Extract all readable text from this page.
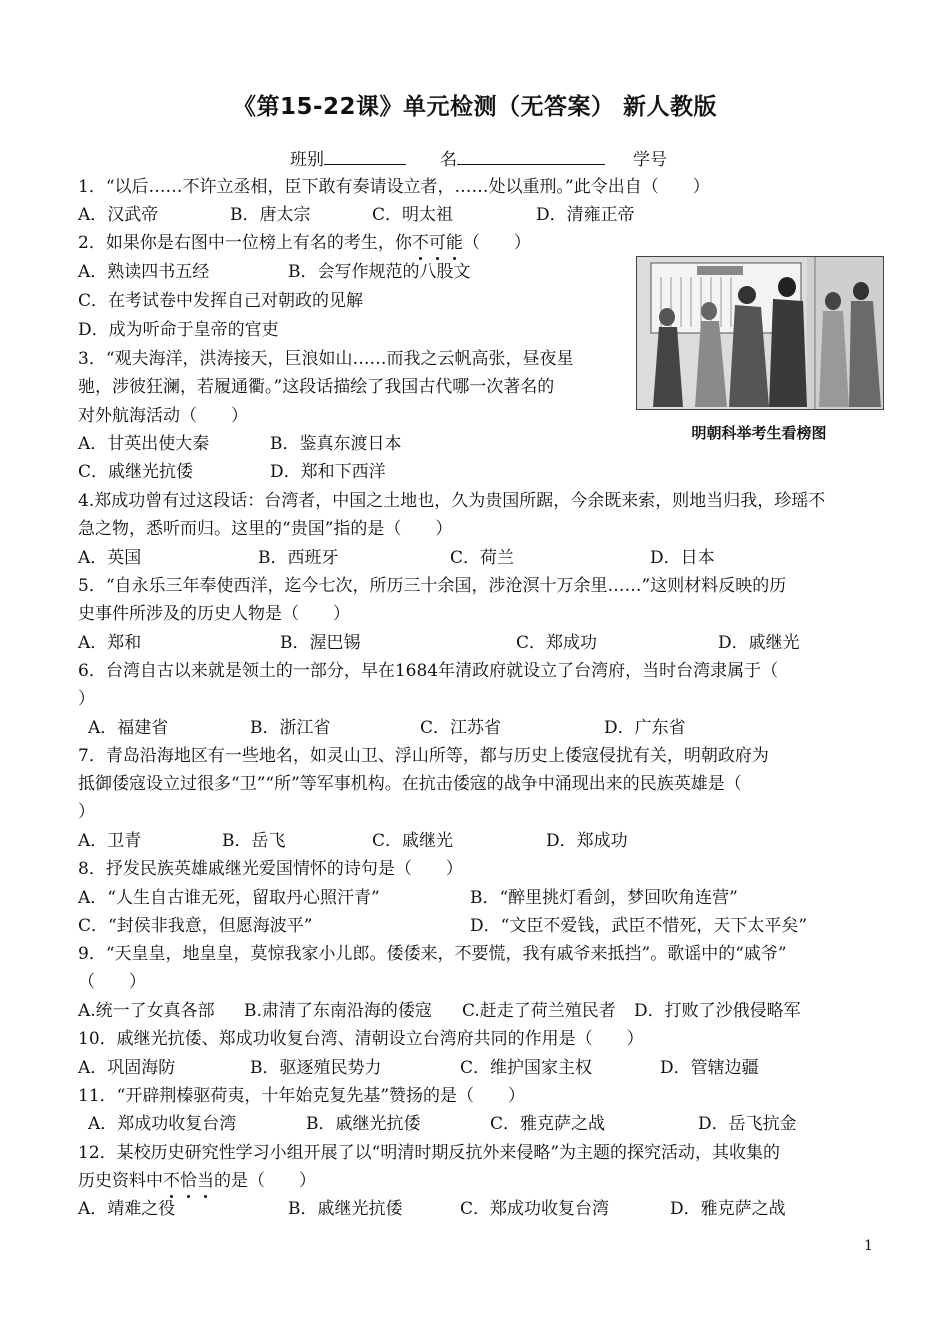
《第15-22课》单元检测（无答案） 新人教版
班别	名	学号
1．“以后……不许立丞相，臣下敢有奏请设立者，……处以重刑。”此令出自（　　）
A．汉武帝	B．唐太宗	C．明太祖	D．清雍正帝
2．如果你是右图中一位榜上有名的考生，你不可能（　　）
A．熟读四书五经	B．会写作规范的八股文
C．在考试卷中发挥自己对朝政的见解
D．成为听命于皇帝的官吏
明朝科举考生看榜图
3．“观夫海洋，洪涛接天，巨浪如山……而我之云帆高张，昼夜星
驰，涉彼狂澜，若履通衢。”这段话描绘了我国古代哪一次著名的
对外航海活动（　　）
A．甘英出使大秦	B．鉴真东渡日本
C．戚继光抗倭	D．郑和下西洋
4.郑成功曾有过这段话：台湾者，中国之土地也，久为贵国所踞，今余既来索，则地当归我，珍瑶不
急之物，悉听而归。这里的“贵国”指的是（　　）
A．英国	B．西班牙	C．荷兰	D．日本
5．“自永乐三年奉使西洋，迄今七次，所历三十余国，涉沧溟十万余里……”这则材料反映的历
史事件所涉及的历史人物是（　　）
A．郑和	B．渥巴锡	C．郑成功	D．戚继光
6．台湾自古以来就是领土的一部分，早在1684年清政府就设立了台湾府，当时台湾隶属于（
）
A．福建省	B．浙江省	C．江苏省	D．广东省
7．青岛沿海地区有一些地名，如灵山卫、浮山所等，都与历史上倭寇侵扰有关，明朝政府为
抵御倭寇设立过很多“卫”“所”等军事机构。在抗击倭寇的战争中涌现出来的民族英雄是（
）
A．卫青	B．岳飞	C．戚继光	D．郑成功
8．抒发民族英雄戚继光爱国情怀的诗句是（　　）
A．“人生自古谁无死，留取丹心照汗青”	B．“醉里挑灯看剑，梦回吹角连营”
C．“封侯非我意，但愿海波平”	D．“文臣不爱钱，武臣不惜死，天下太平矣”
9．“天皇皇，地皇皇，莫惊我家小儿郎。倭倭来，不要慌，我有戚爷来抵挡”。歌谣中的“戚爷”
（　　）
A.统一了女真各部 B.肃清了东南沿海的倭寇 C.赶走了荷兰殖民者 D．打败了沙俄侵略军
10．戚继光抗倭、郑成功收复台湾、清朝设立台湾府共同的作用是（　　）
A．巩固海防	B．驱逐殖民势力	C．维护国家主权	D．管辖边疆
11．“开辟荆榛驱荷夷，十年始克复先基”赞扬的是（　　）
A．郑成功收复台湾	B．戚继光抗倭	C．雅克萨之战	D．岳飞抗金
12．某校历史研究性学习小组开展了以“明清时期反抗外来侵略”为主题的探究活动，其收集的
历史资料中不恰当的是（　　）
A．靖难之役	B．戚继光抗倭	C．郑成功收复台湾	D．雅克萨之战
1
